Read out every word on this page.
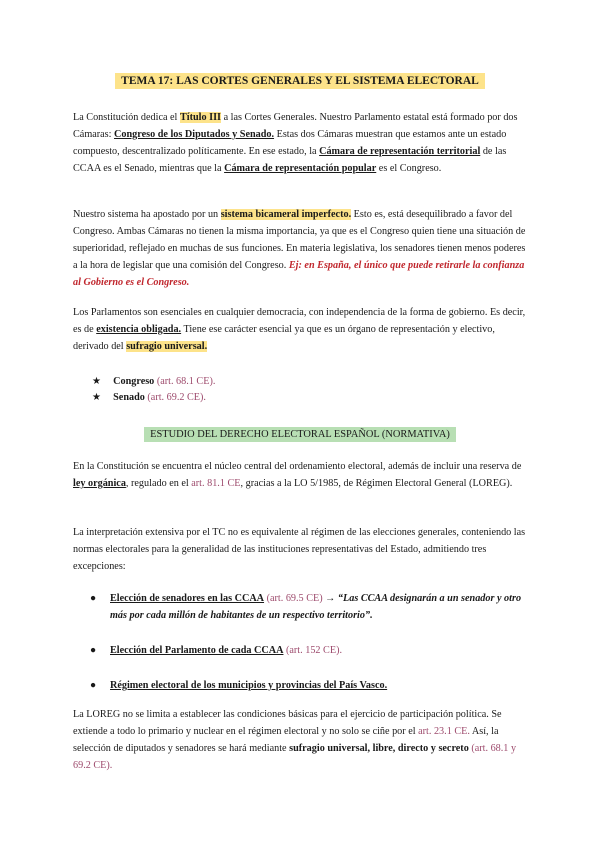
TEMA 17: LAS CORTES GENERALES Y EL SISTEMA ELECTORAL

La Constitución dedica el Título III a las Cortes Generales. Nuestro Parlamento estatal está formado por dos Cámaras: Congreso de los Diputados y Senado. Estas dos Cámaras muestran que estamos ante un estado compuesto, descentralizado políticamente. En ese estado, la Cámara de representación territorial de las CCAA es el Senado, mientras que la Cámara de representación popular es el Congreso.

Nuestro sistema ha apostado por un sistema bicameral imperfecto. Esto es, está desequilibrado a favor del Congreso. Ambas Cámaras no tienen la misma importancia, ya que es el Congreso quien tiene una situación de superioridad, reflejado en muchas de sus funciones. En materia legislativa, los senadores tienen menos poderes a la hora de legislar que una comisión del Congreso. Ej: en España, el único que puede retirarle la confianza al Gobierno es el Congreso.

Los Parlamentos son esenciales en cualquier democracia, con independencia de la forma de gobierno. Es decir, es de existencia obligada. Tiene ese carácter esencial ya que es un órgano de representación y electivo, derivado del sufragio universal.

★ Congreso (art. 68.1 CE).
★ Senado (art. 69.2 CE).
ESTUDIO DEL DERECHO ELECTORAL ESPAÑOL (NORMATIVA)

En la Constitución se encuentra el núcleo central del ordenamiento electoral, además de incluir una reserva de ley orgánica, regulado en el art. 81.1 CE, gracias a la LO 5/1985, de Régimen Electoral General (LOREG).

La interpretación extensiva por el TC no es equivalente al régimen de las elecciones generales, conteniendo las normas electorales para la generalidad de las instituciones representativas del Estado, admitiendo tres excepciones:

●	Elección de senadores en las CCAA (art. 69.5 CE) → “Las CCAA designarán a un senador y otro más por cada millón de habitantes de un respectivo territorio”.
●	Elección del Parlamento de cada CCAA (art. 152 CE).
●	Régimen electoral de los municipios y provincias del País Vasco.

La LOREG no se limita a establecer las condiciones básicas para el ejercicio de participación política. Se extiende a todo lo primario y nuclear en el régimen electoral y no solo se ciñe por el art. 23.1 CE. Así, la selección de diputados y senadores se hará mediante sufragio universal, libre, directo y secreto (art. 68.1 y 69.2 CE).
